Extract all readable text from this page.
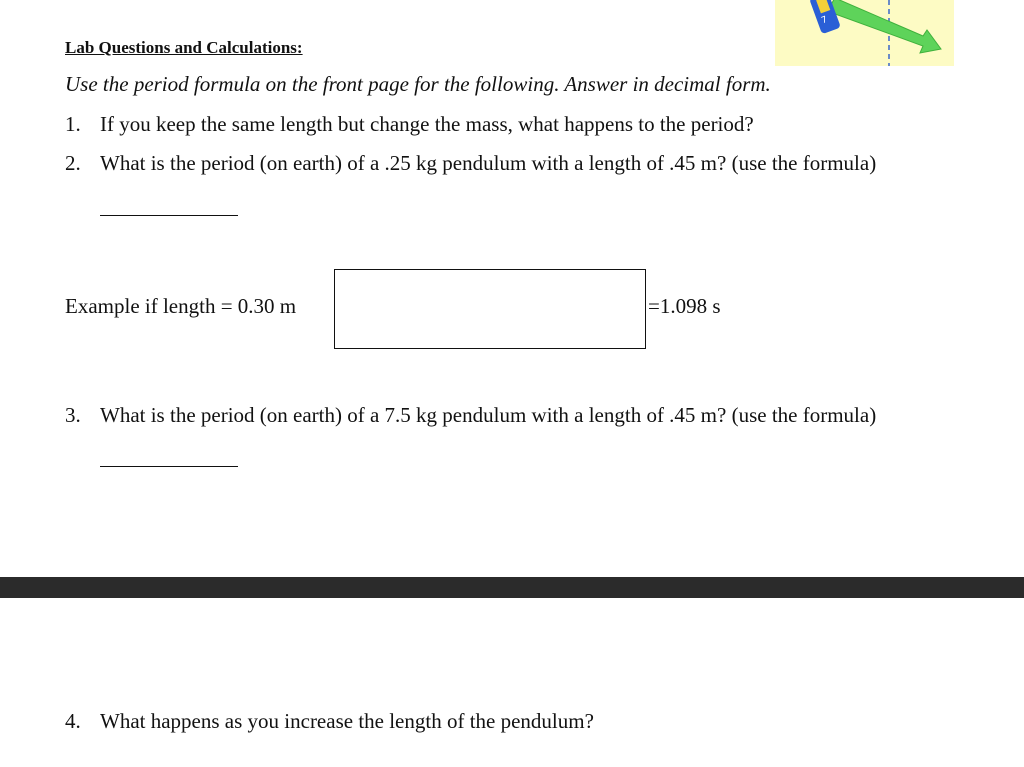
7
Lab Questions and Calculations:
Use the period formula on the front page for the following. Answer in decimal form.
1. If you keep the same length but change the mass, what happens to the period?
2. What is the period (on earth) of a .25 kg pendulum with a length of .45 m? (use the formula)
Example if length = 0.30 m	=1.098 s
3. What is the period (on earth) of a 7.5 kg pendulum with a length of .45 m? (use the formula)
4. What happens as you increase the length of the pendulum?
